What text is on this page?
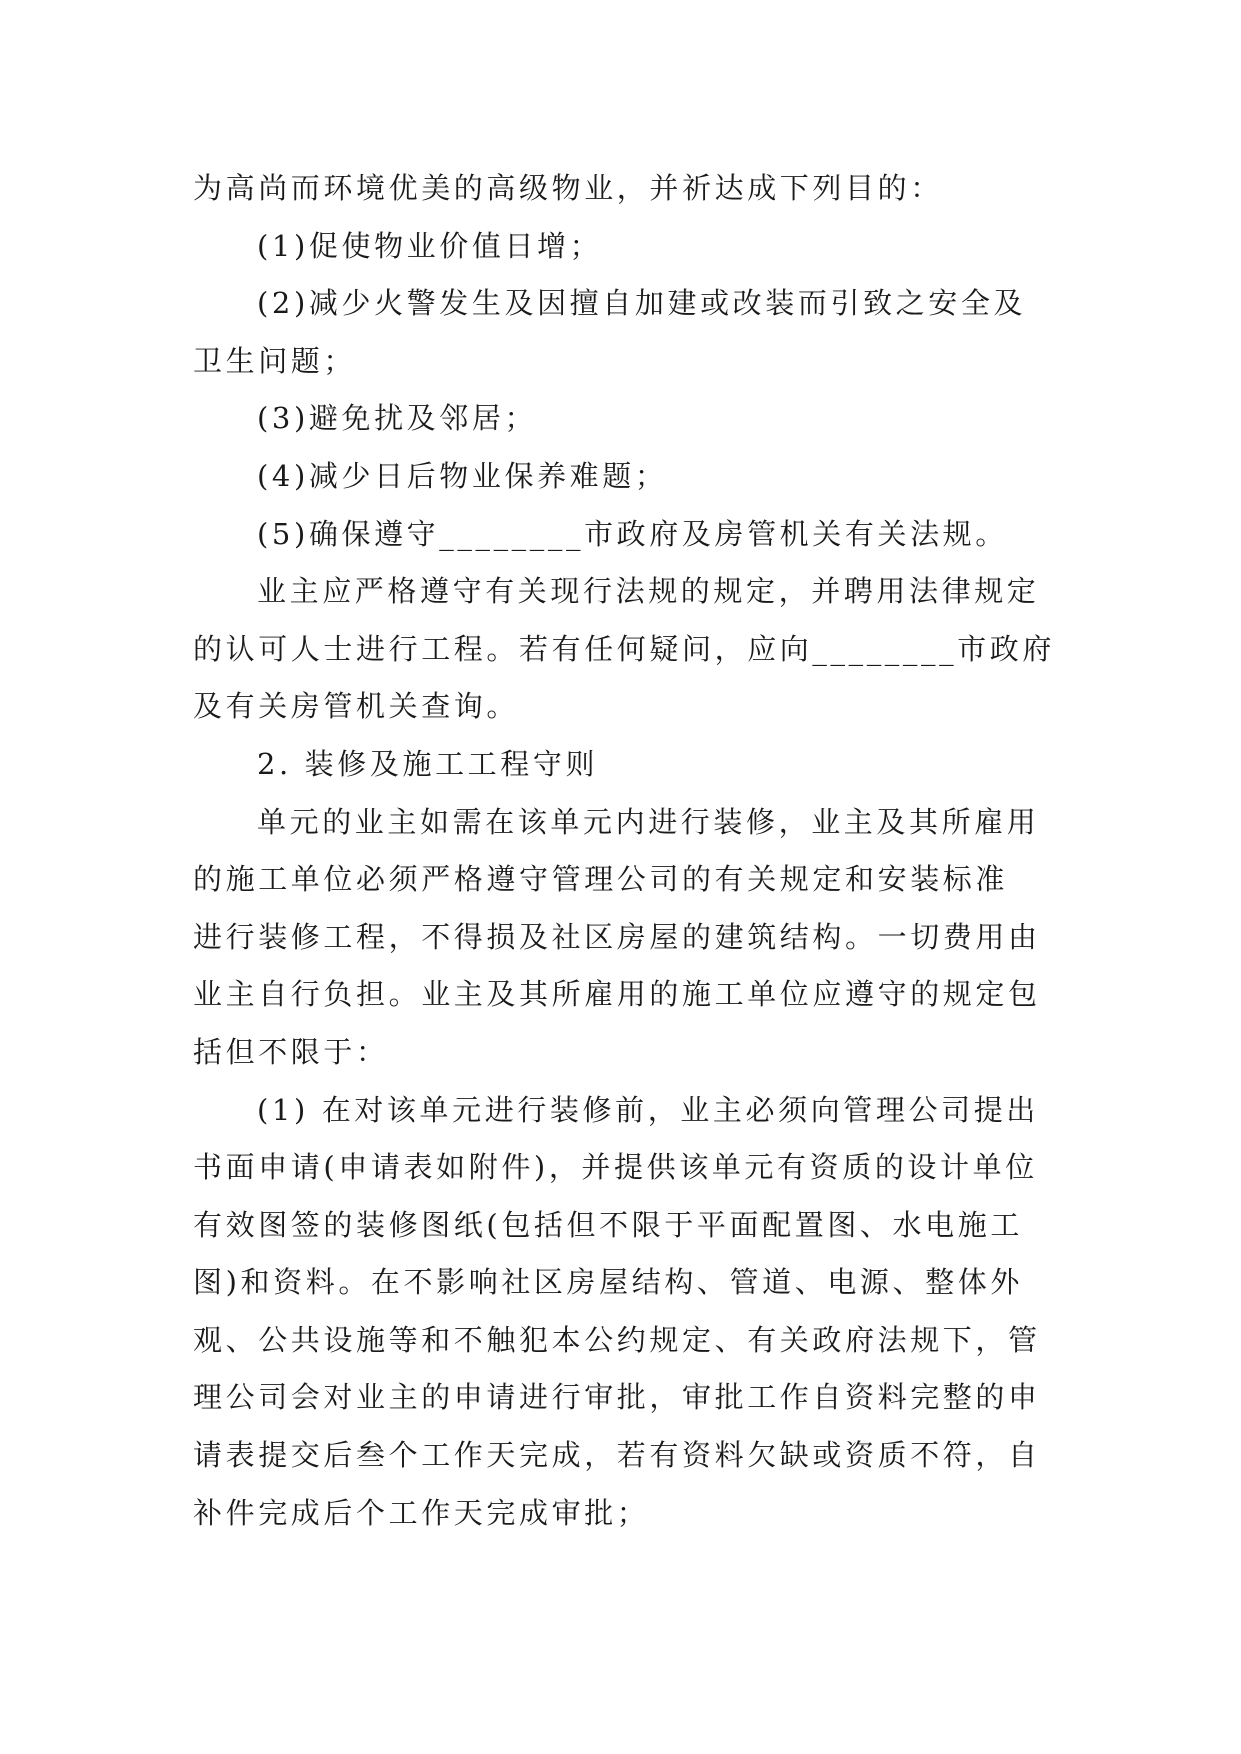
为高尚而环境优美的高级物业，并祈达成下列目的：
(1)促使物业价值日增；
(2)减少火警发生及因擅自加建或改装而引致之安全及
卫生问题；
(3)避免扰及邻居；
(4)减少日后物业保养难题；
(5)确保遵守________市政府及房管机关有关法规。
业主应严格遵守有关现行法规的规定，并聘用法律规定
的认可人士进行工程。若有任何疑问，应向________市政府
及有关房管机关查询。
2. 装修及施工工程守则
单元的业主如需在该单元内进行装修，业主及其所雇用
的施工单位必须严格遵守管理公司的有关规定和安装标准
进行装修工程，不得损及社区房屋的建筑结构。一切费用由
业主自行负担。业主及其所雇用的施工单位应遵守的规定包
括但不限于：
(1) 在对该单元进行装修前，业主必须向管理公司提出
书面申请(申请表如附件)，并提供该单元有资质的设计单位
有效图签的装修图纸(包括但不限于平面配置图、水电施工
图)和资料。在不影响社区房屋结构、管道、电源、整体外
观、公共设施等和不触犯本公约规定、有关政府法规下，管
理公司会对业主的申请进行审批，审批工作自资料完整的申
请表提交后叁个工作天完成，若有资料欠缺或资质不符，自
补件完成后个工作天完成审批；
